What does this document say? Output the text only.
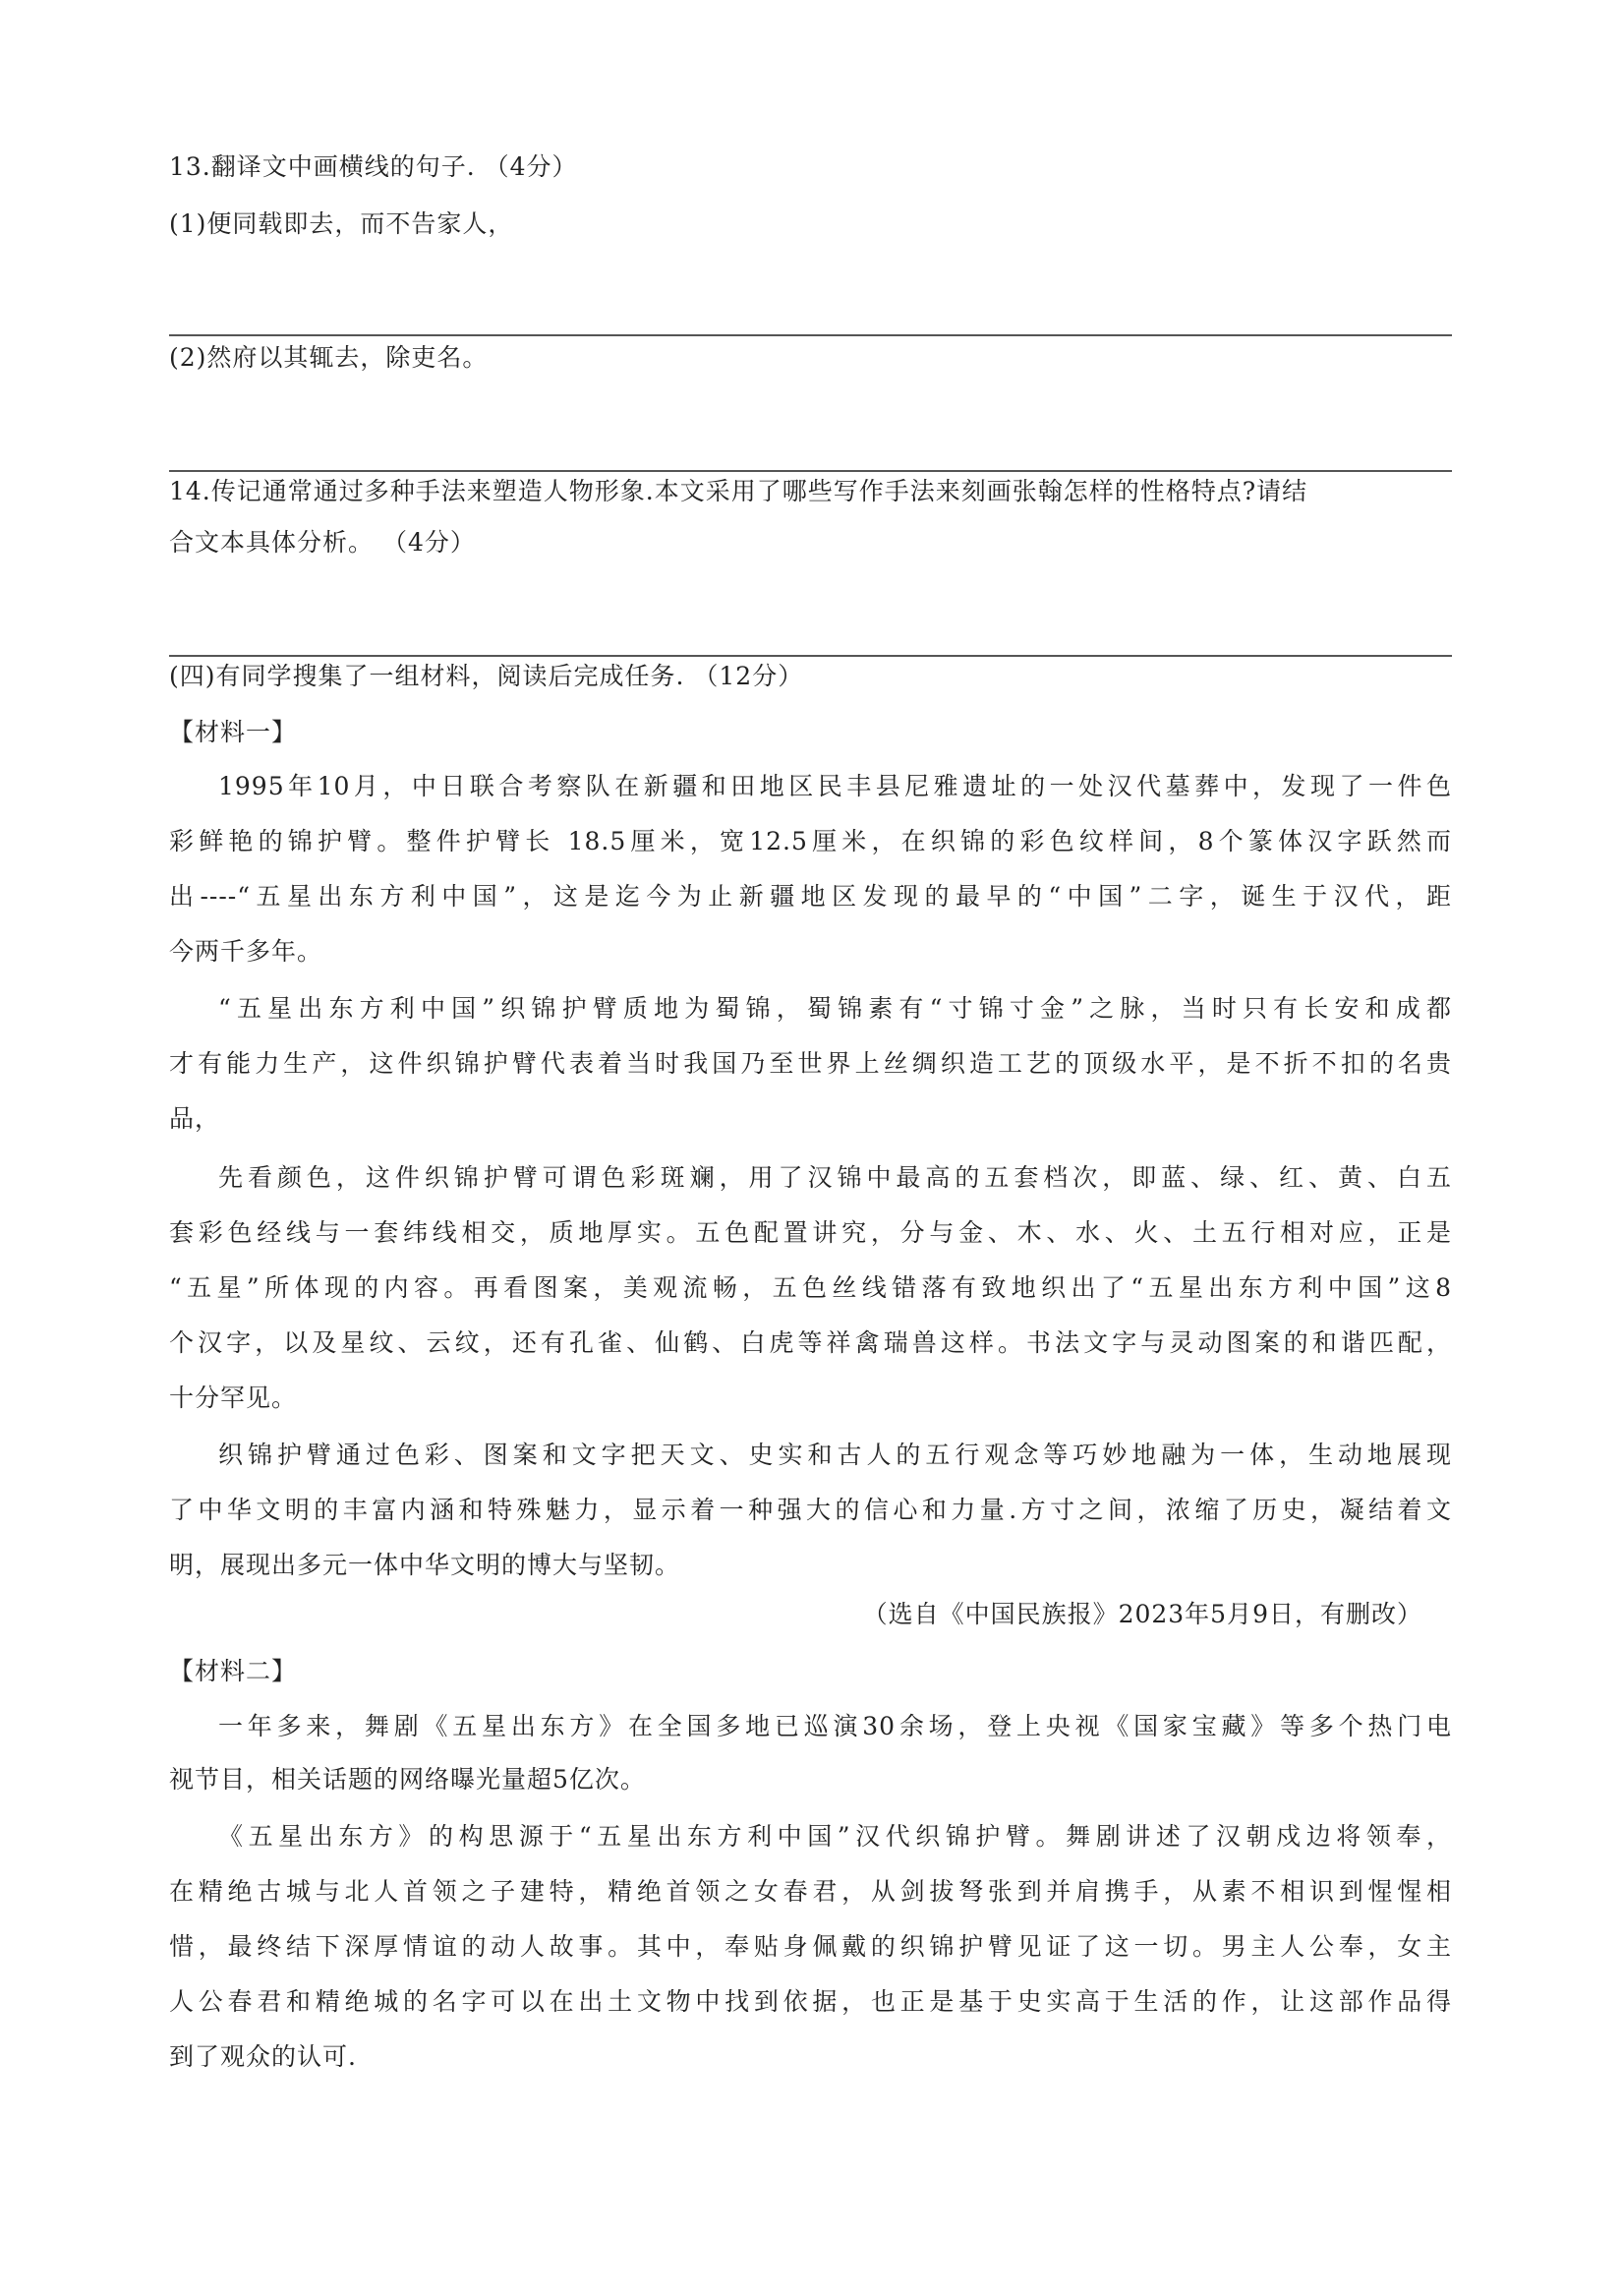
13.翻译文中画横线的句子. （4分）
(1)便同载即去，而不告家人，
(2)然府以其辄去，除吏名。
14.传记通常通过多种手法来塑造人物形象.本文采用了哪些写作手法来刻画张翰怎样的性格特点?请结
合文本具体分析。 （4分）
(四)有同学搜集了一组材料，阅读后完成任务. （12分）
【材料一】
1995年10月，中日联合考察队在新疆和田地区民丰县尼雅遗址的一处汉代墓葬中，发现了一件色
彩鲜艳的锦护臂。整件护臂长 18.5厘米，宽12.5厘米，在织锦的彩色纹样间，8个篆体汉字跃然而
出----“五星出东方利中国”，这是迄今为止新疆地区发现的最早的“中国”二字，诞生于汉代，距
今两千多年。
“五星出东方利中国”织锦护臂质地为蜀锦，蜀锦素有“寸锦寸金”之脉，当时只有长安和成都
才有能力生产，这件织锦护臂代表着当时我国乃至世界上丝绸织造工艺的顶级水平，是不折不扣的名贵
品，
先看颜色，这件织锦护臂可谓色彩斑斓，用了汉锦中最高的五套档次，即蓝、绿、红、黄、白五
套彩色经线与一套纬线相交，质地厚实。五色配置讲究，分与金、木、水、火、土五行相对应，正是
“五星”所体现的内容。再看图案，美观流畅，五色丝线错落有致地织出了“五星出东方利中国”这8
个汉字，以及星纹、云纹，还有孔雀、仙鹤、白虎等祥禽瑞兽这样。书法文字与灵动图案的和谐匹配，
十分罕见。
织锦护臂通过色彩、图案和文字把天文、史实和古人的五行观念等巧妙地融为一体，生动地展现
了中华文明的丰富内涵和特殊魅力，显示着一种强大的信心和力量.方寸之间，浓缩了历史，凝结着文
明，展现出多元一体中华文明的博大与坚韧。
（选自《中国民族报》2023年5月9日，有删改）
【材料二】
一年多来，舞剧《五星出东方》在全国多地已巡演30余场，登上央视《国家宝藏》等多个热门电
视节目，相关话题的网络曝光量超5亿次。
《五星出东方》的构思源于“五星出东方利中国”汉代织锦护臂。舞剧讲述了汉朝戍边将领奉，
在精绝古城与北人首领之子建特，精绝首领之女春君，从剑拔弩张到并肩携手，从素不相识到惺惺相
惜，最终结下深厚情谊的动人故事。其中，奉贴身佩戴的织锦护臂见证了这一切。男主人公奉，女主
人公春君和精绝城的名字可以在出土文物中找到依据，也正是基于史实高于生活的作，让这部作品得
到了观众的认可.
